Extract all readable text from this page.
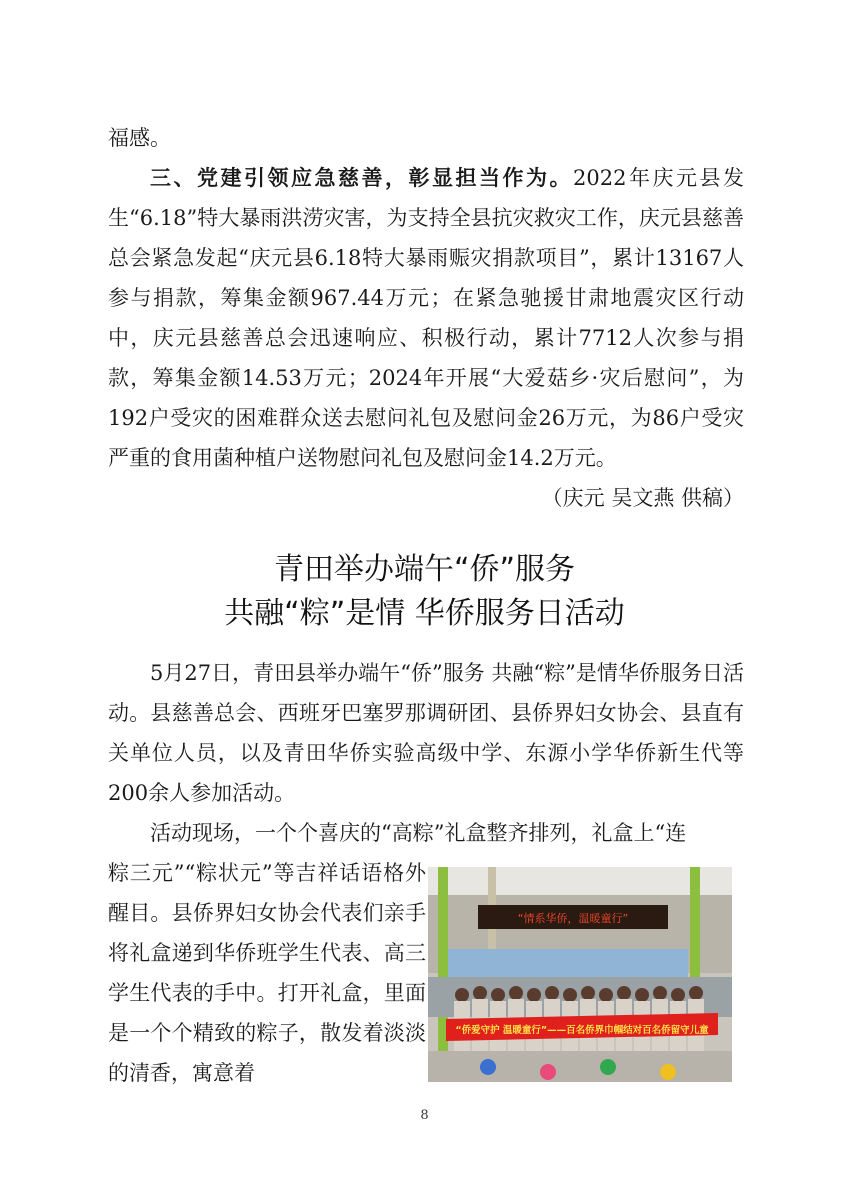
福感。

三、党建引领应急慈善，彰显担当作为。2022年庆元县发生“6.18”特大暴雨洪涝灾害，为支持全县抗灾救灾工作，庆元县慈善总会紧急发起“庆元县6.18特大暴雨赈灾捐款项目”，累计13167人参与捐款，筹集金额967.44万元；在紧急驰援甘肃地震灾区行动中，庆元县慈善总会迅速响应、积极行动，累计7712人次参与捐款，筹集金额14.53万元；2024年开展“大爱菇乡·灾后慰问”，为192户受灾的困难群众送去慰问礼包及慰问金26万元，为86户受灾严重的食用菌种植户送物慰问礼包及慰问金14.2万元。
（庆元 吴文燕 供稿）

青田举办端午“侨”服务
共融“粽”是情 华侨服务日活动

5月27日，青田县举办端午“侨”服务 共融“粽”是情华侨服务日活动。县慈善总会、西班牙巴塞罗那调研团、县侨界妇女协会、县直有关单位人员，以及青田华侨实验高级中学、东源小学华侨新生代等200余人参加活动。

活动现场，一个个喜庆的“高粽”礼盒整齐排列，礼盒上“连

粽三元”“粽状元”等吉祥话语格外醒目。县侨界妇女协会代表们亲手将礼盒递到华侨班学生代表、高三学生代表的手中。打开礼盒，里面是一个个精致的粽子，散发着淡淡的清香，寓意着

“情系华侨，温暖童行”
“侨爱守护 温暖童行”——百名侨界巾帼结对百名侨留守儿童
8
